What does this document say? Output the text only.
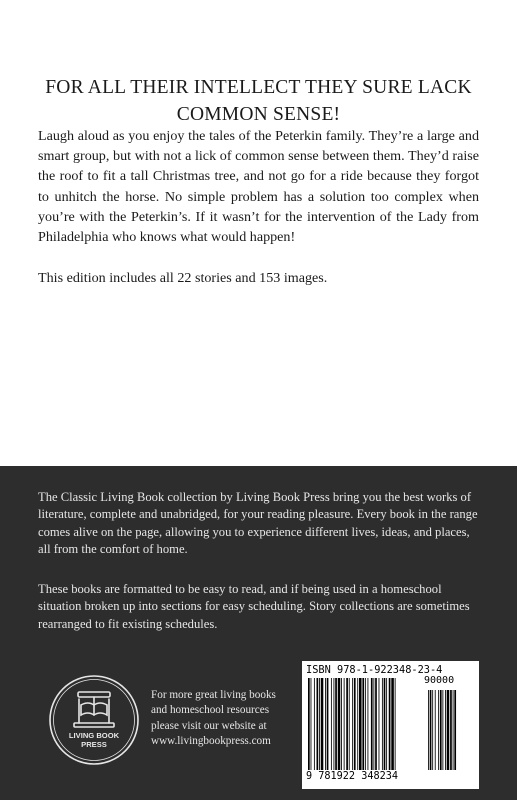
FOR ALL THEIR INTELLECT THEY SURE LACK
COMMON SENSE!

Laugh aloud as you enjoy the tales of the Peterkin family. They’re a large and smart group, but with not a lick of common sense between them. They’d raise the roof to fit a tall Christmas tree, and not go for a ride because they forgot to unhitch the horse. No simple problem has a solution too complex when you’re with the Peterkin’s. If it wasn’t for the intervention of the Lady from Philadelphia who knows what would happen!

This edition includes all 22 stories and 153 images.

The Classic Living Book collection by Living Book Press bring you the best works of literature, complete and unabridged, for your reading pleasure. Every book in the range comes alive on the page, allowing you to experience different lives, ideas, and places, all from the comfort of home.

These books are formatted to be easy to read, and if being used in a homeschool situation broken up into sections for easy scheduling. Story collections are sometimes rearranged to fit existing schedules.

LIVING BOOK
PRESS
For more great living books
and homeschool resources
please visit our website at
www.livingbookpress.com
ISBN 978-1-922348-23-4
90000
9 781922 348234
